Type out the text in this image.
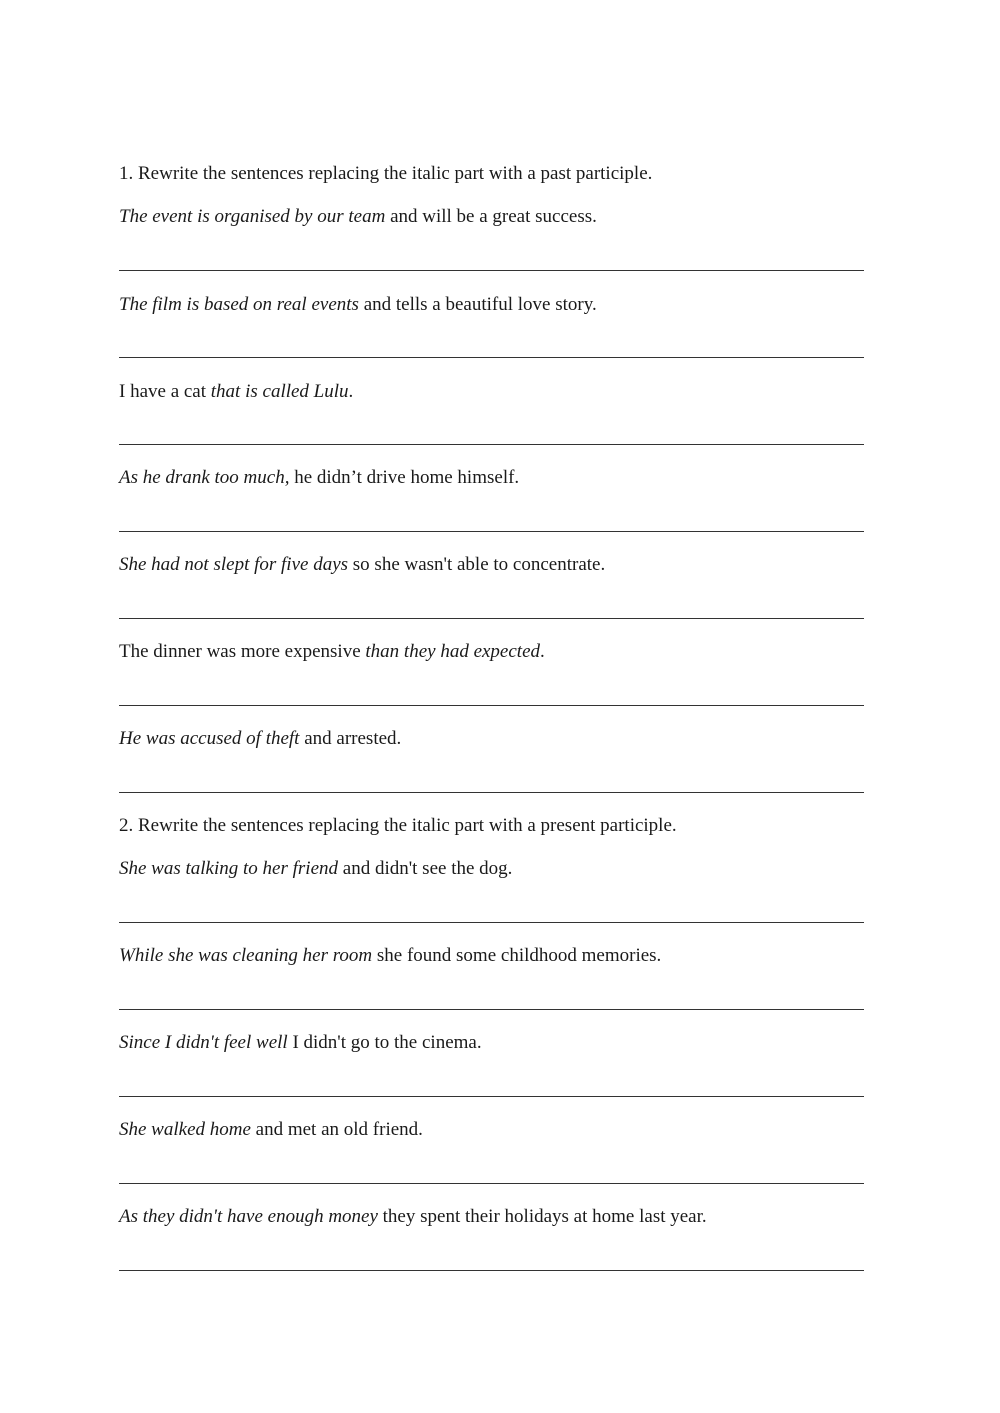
1. Rewrite the sentences replacing the italic part with a past participle.
The event is organised by our team and will be a great success.
The film is based on real events and tells a beautiful love story.
I have a cat that is called Lulu.
As he drank too much, he didn’t drive home himself.
She had not slept for five days so she wasn't able to concentrate.
The dinner was more expensive than they had expected.
He was accused of theft and arrested.
2. Rewrite the sentences replacing the italic part with a present participle.
She was talking to her friend and didn't see the dog.
While she was cleaning her room she found some childhood memories.
Since I didn't feel well I didn't go to the cinema.
She walked home and met an old friend.
As they didn't have enough money they spent their holidays at home last year.
